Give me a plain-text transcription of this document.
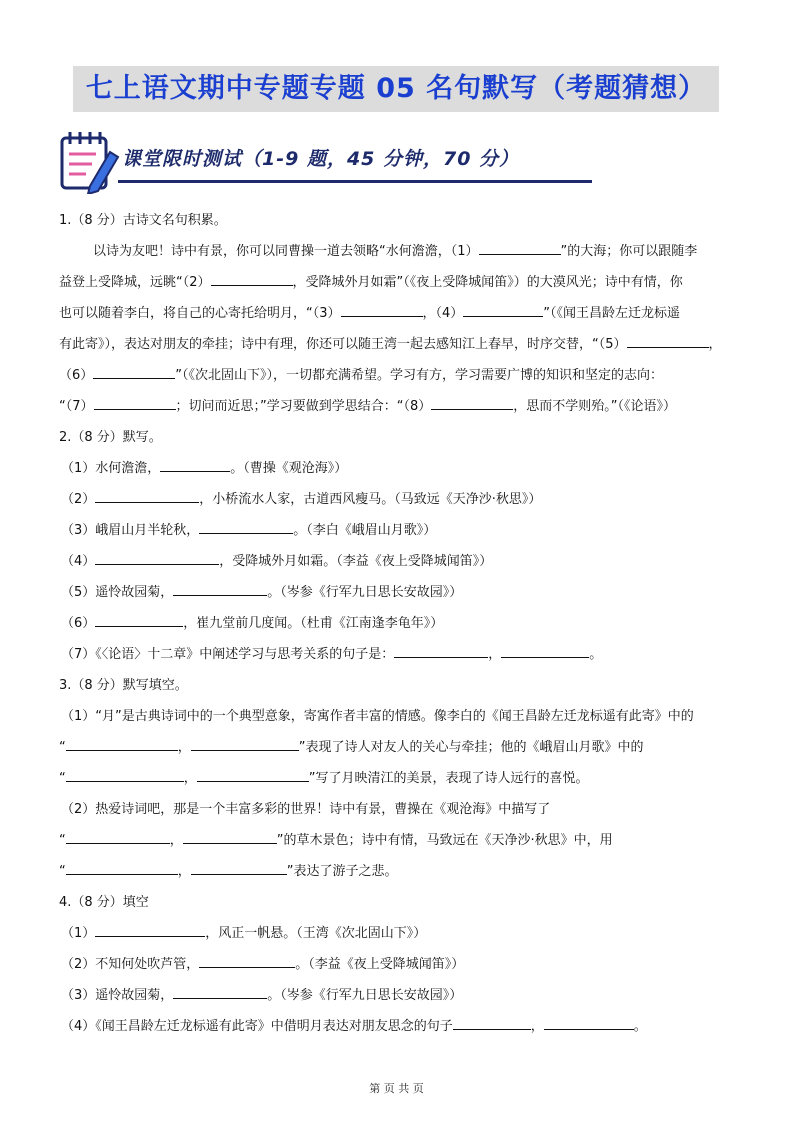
七上语文期中专题专题 05 名句默写（考题猜想）
课堂限时测试（1-9 题，45 分钟，70 分）
1.（8 分）古诗文名句积累。
以诗为友吧！诗中有景，你可以同曹操一道去领略“水何澹澹，（1）	”的大海；你可以跟随李
益登上受降城，远眺“（2）	，受降城外月如霜”（《夜上受降城闻笛》）的大漠风光；诗中有情，你
也可以随着李白，将自己的心寄托给明月，“（3）	，（4）	”（《闻王昌龄左迁龙标遥
有此寄》），表达对朋友的牵挂；诗中有理，你还可以随王湾一起去感知江上春早，时序交替，“（5）	，
（6）	”（《次北固山下》），一切都充满希望。学习有方，学习需要广博的知识和坚定的志向：
“（7）	；切问而近思；”学习要做到学思结合：“（8）	，思而不学则殆。”（《论语》）
2.（8 分）默写。
（1）水何澹澹，	。（曹操《观沧海》）
（2）	，小桥流水人家，古道西风瘦马。（马致远《天净沙·秋思》）
（3）峨眉山月半轮秋，	。（李白《峨眉山月歌》）
（4）	，受降城外月如霜。（李益《夜上受降城闻笛》）
（5）遥怜故园菊，	。（岑参《行军九日思长安故园》）
（6）	，崔九堂前几度闻。（杜甫《江南逢李龟年》）
（7）《〈论语〉十二章》中阐述学习与思考关系的句子是：	，	。
3.（8 分）默写填空。
（1）“月”是古典诗词中的一个典型意象，寄寓作者丰富的情感。像李白的《闻王昌龄左迁龙标遥有此寄》中的
“	，	”表现了诗人对友人的关心与牵挂；他的《峨眉山月歌》中的
“	，	”写了月映清江的美景，表现了诗人远行的喜悦。
（2）热爱诗词吧，那是一个丰富多彩的世界！诗中有景，曹操在《观沧海》中描写了
“	，	”的草木景色；诗中有情，马致远在《天净沙·秋思》中，用
“	，	”表达了游子之悲。
4.（8 分）填空
（1）	，风正一帆悬。（王湾《次北固山下》）
（2）不知何处吹芦管，	。（李益《夜上受降城闻笛》）
（3）遥怜故园菊，	。（岑参《行军九日思长安故园》）
（4）《闻王昌龄左迁龙标遥有此寄》中借明月表达对朋友思念的句子	，	。
第 页 共 页
